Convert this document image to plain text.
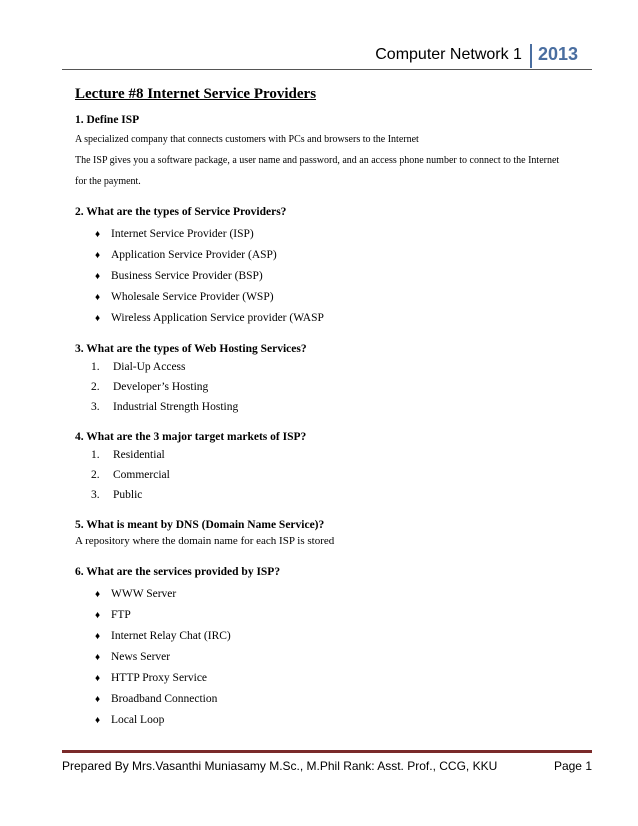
Computer Network 1 2013
Lecture #8 Internet Service Providers

1. Define ISP

A specialized company that connects customers with PCs and browsers to the Internet

The ISP gives you a software package, a user name and password, and an access phone number to connect to the Internet

for the payment.

2. What are the types of Service Providers?

♦ Internet Service Provider (ISP)
♦ Application Service Provider (ASP)
♦ Business Service Provider (BSP)
♦ Wholesale Service Provider (WSP)
♦ Wireless Application Service provider (WASP

3. What are the types of Web Hosting Services?

1.	Dial-Up Access
2.	Developer’s Hosting
3.	Industrial Strength Hosting

4. What are the 3 major target markets of ISP?

1.	Residential
2.	Commercial
3.	Public

5. What is meant by DNS (Domain Name Service)?

A repository where the domain name for each ISP is stored

6. What are the services provided by ISP?

♦ WWW Server
♦ FTP
♦ Internet Relay Chat (IRC)
♦ News Server
♦ HTTP Proxy Service
♦ Broadband Connection
♦ Local Loop
Prepared By Mrs.Vasanthi Muniasamy M.Sc., M.Phil Rank: Asst. Prof., CCG, KKU	Page 1
